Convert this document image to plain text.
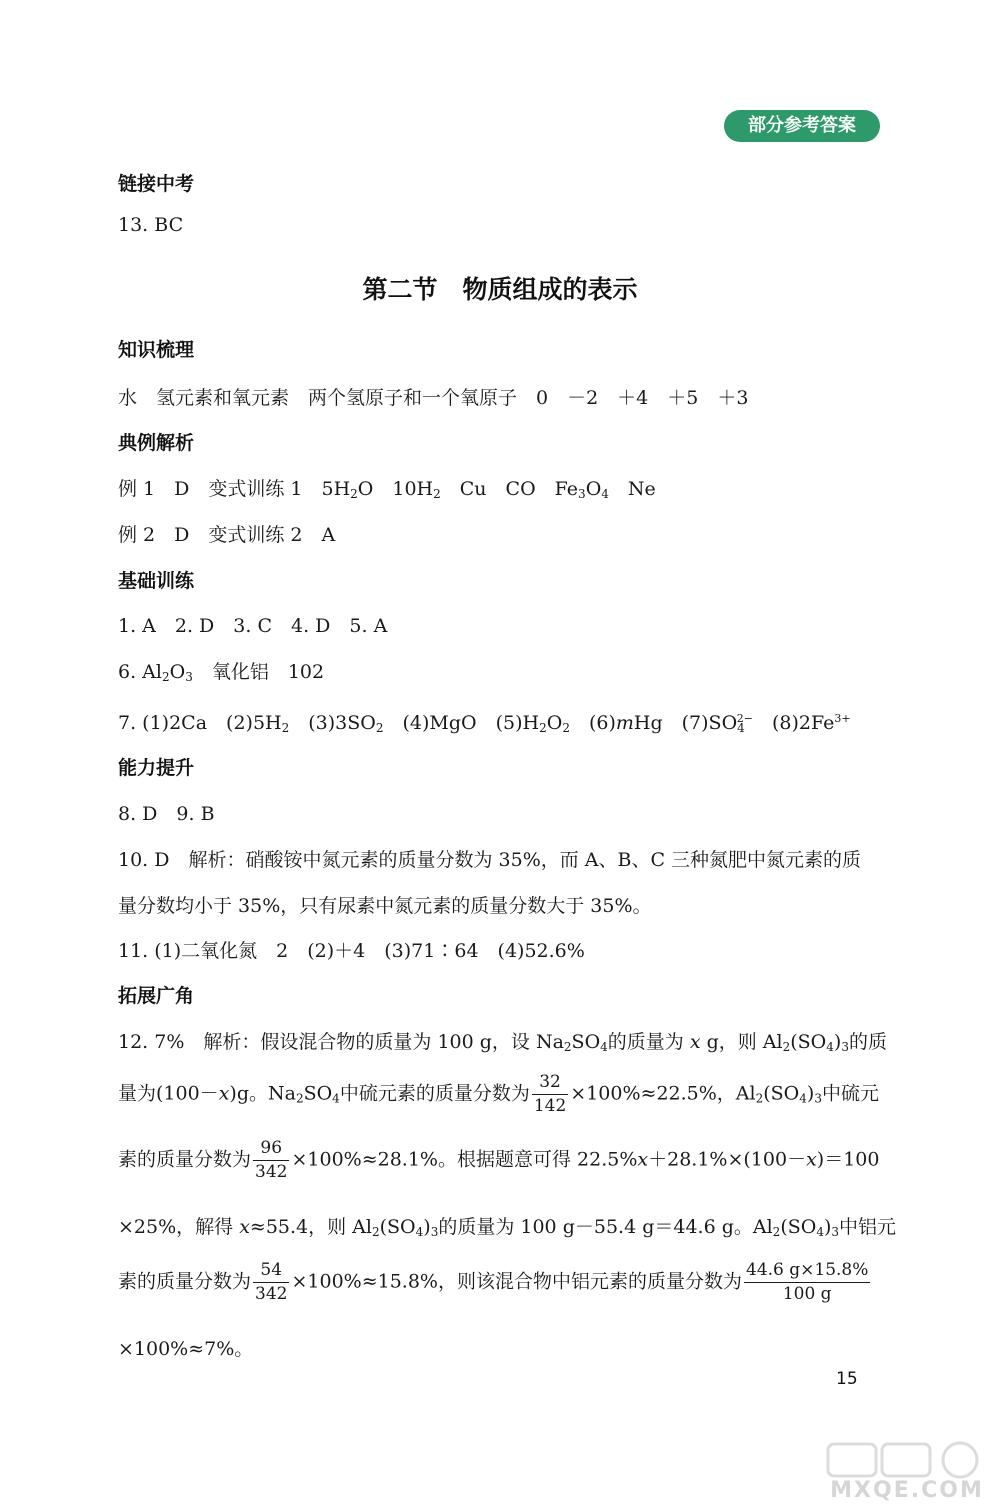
部分参考答案
链接中考
13. BC
第二节　物质组成的表示
知识梳理
水　氢元素和氧元素　两个氢原子和一个氧原子　0　－2　＋4　＋5　＋3
典例解析
例 1　D　变式训练 1　$5H_2O$　$10H_2$　Cu　CO　$Fe_3O_4$　Ne
例 2　D　变式训练 2　A
基础训练
1. A　2. D　3. C　4. D　5. A
6. $Al_2O_3$　氧化铝　102
7. (1)2Ca　$(2)5H_2$　$(3)3SO_2$　(4)MgO　$(5)H_2O_2$　(6)mHg　$(7)SO_4^{2-}$　$(8)2Fe^{3+}$
能力提升
8. D　9. B
10. D　解析：硝酸铵中氮元素的质量分数为 35%，而 A、B、C 三种氮肥中氮元素的质
量分数均小于 35%，只有尿素中氮元素的质量分数大于 35%。
11. (1)二氧化氮　2　(2)＋4　(3)71∶64　(4)52.6%
拓展广角
12. 7%　解析：假设混合物的质量为 100 g，设 $Na_2SO_4$的质量为 x g，则 $Al_2(SO_4)_3$的质
量为(100－x)g。$Na_2SO_4$中硫元素的质量分数为 $\frac{32}{142} \times 100\%\approx 22.5\%$，$Al_2(SO_4)_3$中硫元
素的质量分数为 $\frac{96}{342} \times 100\%\approx 28.1\%$。根据题意可得 22.5%x＋28.1%×(100－x)＝100
×25%，解得 x≈55.4，则 $Al_2(SO_4)_3$的质量为 100 g－55.4 g＝44.6 g。$Al_2(SO_4)_3$中铝元
素的质量分数为 $\frac{54}{342} \times 100\%\approx 15.8\%$，则该混合物中铝元素的质量分数为 $\frac{44.6 g\times 15.8\%}{100 g}$
×100%≈7%。
15
MXQE.COM
